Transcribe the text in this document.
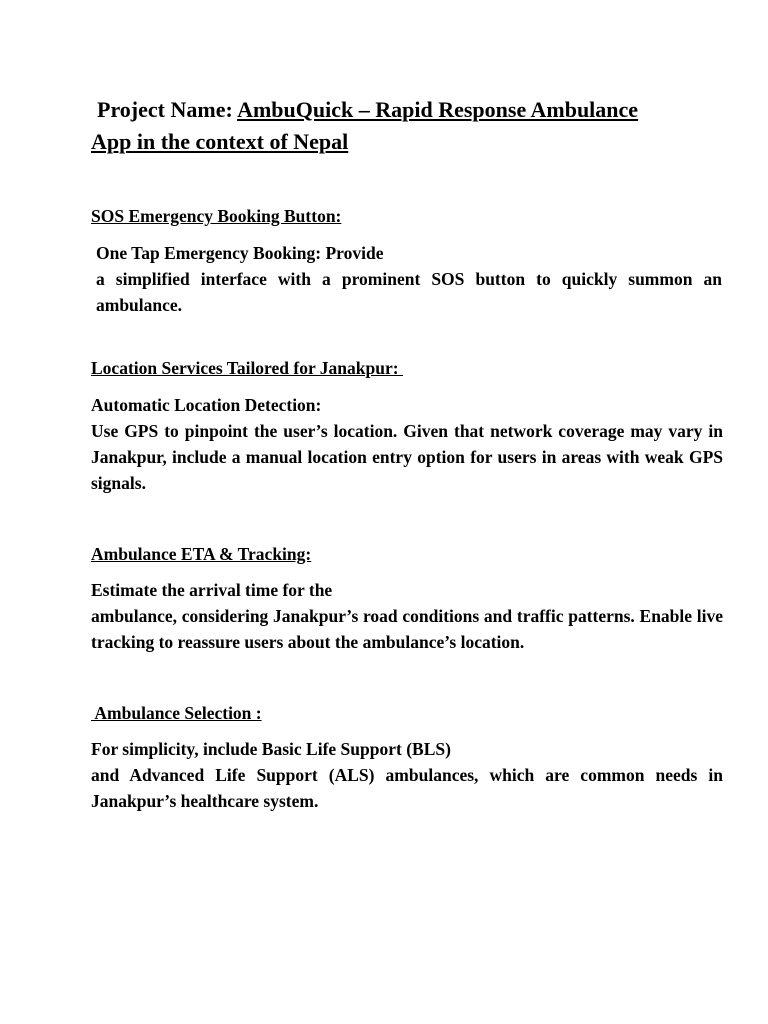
Project Name: AmbuQuick – Rapid Response Ambulance
App in the context of Nepal

SOS Emergency Booking Button:

One Tap Emergency Booking: Provide
a simplified interface with a prominent SOS button to quickly summon an ambulance.

Location Services Tailored for Janakpur:

Automatic Location Detection:
Use GPS to pinpoint the user’s location. Given that network coverage may vary in Janakpur, include a manual location entry option for users in areas with weak GPS signals.

Ambulance ETA & Tracking:

Estimate the arrival time for the
ambulance, considering Janakpur’s road conditions and traffic patterns. Enable live tracking to reassure users about the ambulance’s location.

Ambulance Selection :

For simplicity, include Basic Life Support (BLS)
and Advanced Life Support (ALS) ambulances, which are common needs in Janakpur’s healthcare system.
